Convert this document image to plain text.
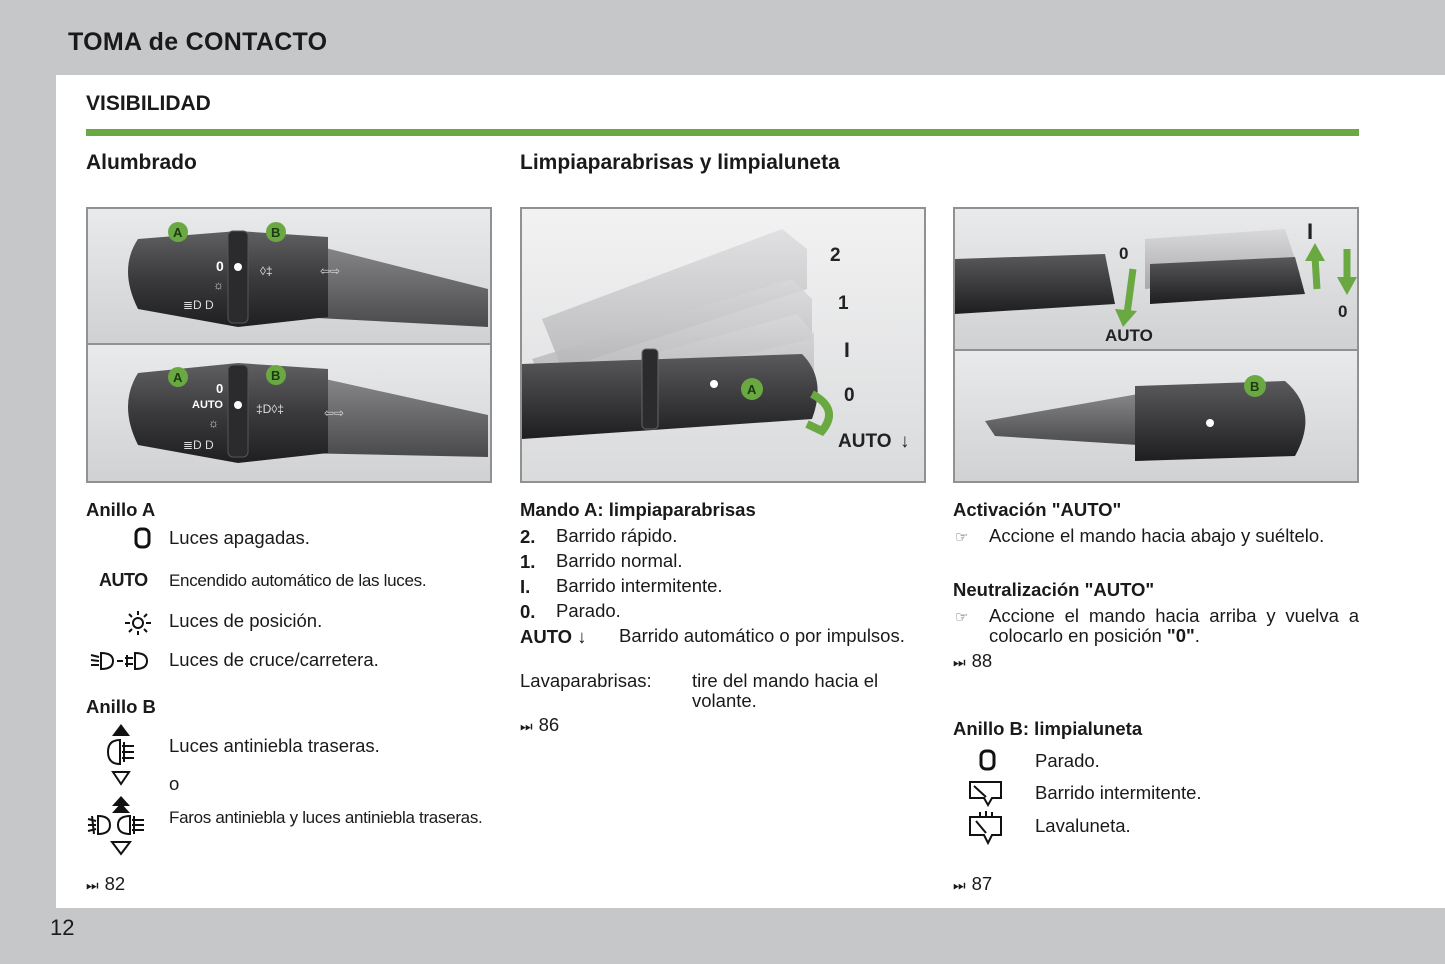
TOMA de CONTACTO
12
VISIBILIDAD
Alumbrado	Limpiaparabrisas y limpialuneta
0
☼
≣D D
◊‡	⇦⇨
A	B
0
AUTO
☼
≣D D
‡D◊‡	⇦⇨
A	B
A
2
1
I
0
AUTO ↓
0
AUTO
I
0
B
Anillo A
Luces apagadas.
AUTO Encendido automático de las luces.
Luces de posición.
Luces de cruce/carretera.
Anillo B
Luces antiniebla traseras.
o
Faros antiniebla y luces antiniebla traseras.
⏭ 82
Mando A: limpiaparabrisas
2. Barrido rápido.
1. Barrido normal.
I. Barrido intermitente.
0. Parado.
AUTO ↓ Barrido automático o por impulsos.
Lavaparabrisas: tire del mando hacia el volante.
⏭ 86
Activación "AUTO"
☞ Accione el mando hacia abajo y suéltelo.
Neutralización "AUTO"
☞ Accione el mando hacia arriba y vuelva a colocarlo en posición "0".
⏭ 88
Anillo B: limpialuneta
Parado.
Barrido intermitente.
Lavaluneta.
⏭ 87
